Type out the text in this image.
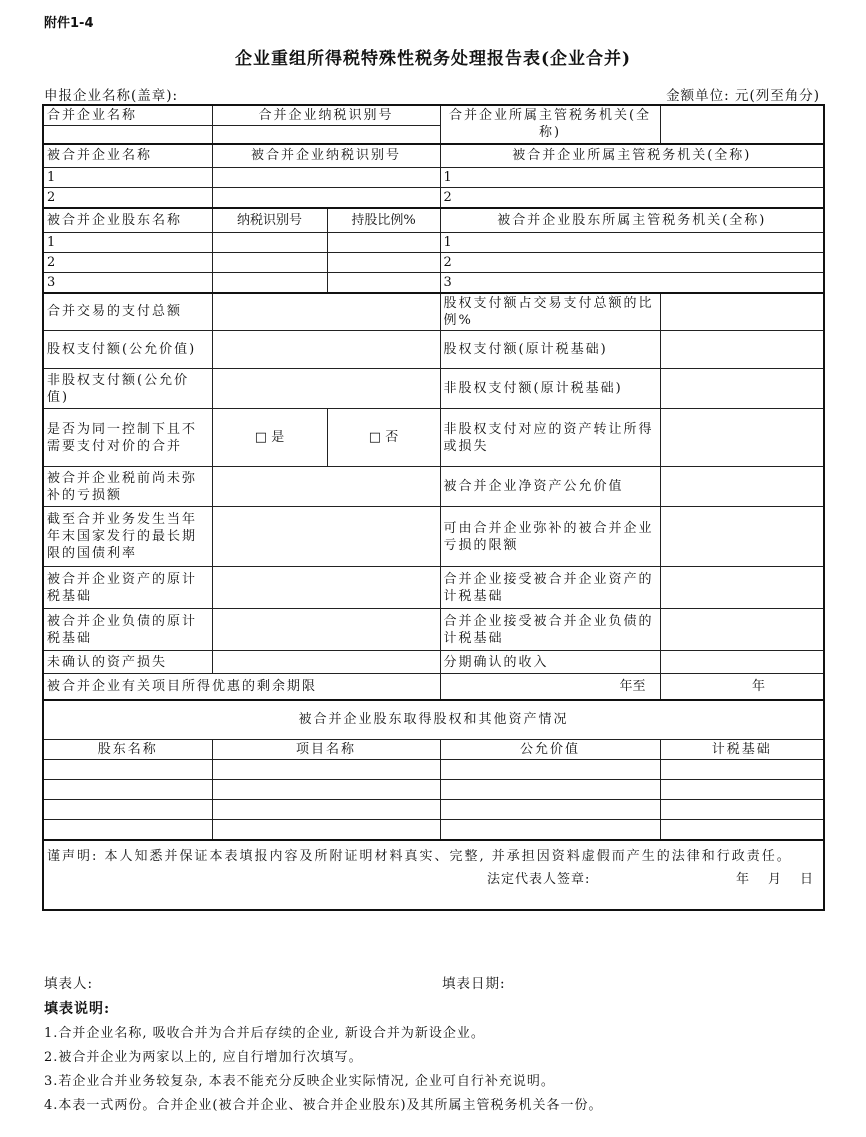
附件1-4
企业重组所得税特殊性税务处理报告表(企业合并)
申报企业名称(盖章):	金额单位: 元(列至角分)
合并企业名称	合并企业纳税识别号		合并企业所属主管税务机关(全称)	

被合并企业名称	被合并企业纳税识别号		被合并企业所属主管税务机关(全称)	
1			1	
2			2	
被合并企业股东名称	纳税识别号	持股比例%	被合并企业股东所属主管税务机关(全称)	
1			1	
2			2	
3			3	
合并交易的支付总额			股权支付额占交易支付总额的比例%	
股权支付额(公允价值)			股权支付额(原计税基础)	
非股权支付额(公允价值)			非股权支付额(原计税基础)	
是否为同一控制下且不需要支付对价的合并	□ 是	□ 否	非股权支付对应的资产转让所得或损失	
被合并企业税前尚未弥补的亏损额			被合并企业净资产公允价值	
截至合并业务发生当年年末国家发行的最长期限的国债利率			可由合并企业弥补的被合并企业亏损的限额	
被合并企业资产的原计税基础			合并企业接受被合并企业资产的计税基础	
被合并企业负债的原计税基础			合并企业接受被合并企业负债的计税基础	
未确认的资产损失			分期确认的收入	
被合并企业有关项目所得优惠的剩余期限			年至	年
被合并企业股东取得股权和其他资产情况				
股东名称	项目名称		公允价值	计税基础

谨声明: 本人知悉并保证本表填报内容及所附证明材料真实、完整, 并承担因资料虚假而产生的法律和行政责任。
法定代表人签章: 年　月　日				
填表人:	填表日期:
填表说明:
1.合并企业名称, 吸收合并为合并后存续的企业, 新设合并为新设企业。
2.被合并企业为两家以上的, 应自行增加行次填写。
3.若企业合并业务较复杂, 本表不能充分反映企业实际情况, 企业可自行补充说明。
4.本表一式两份。合并企业(被合并企业、被合并企业股东)及其所属主管税务机关各一份。
